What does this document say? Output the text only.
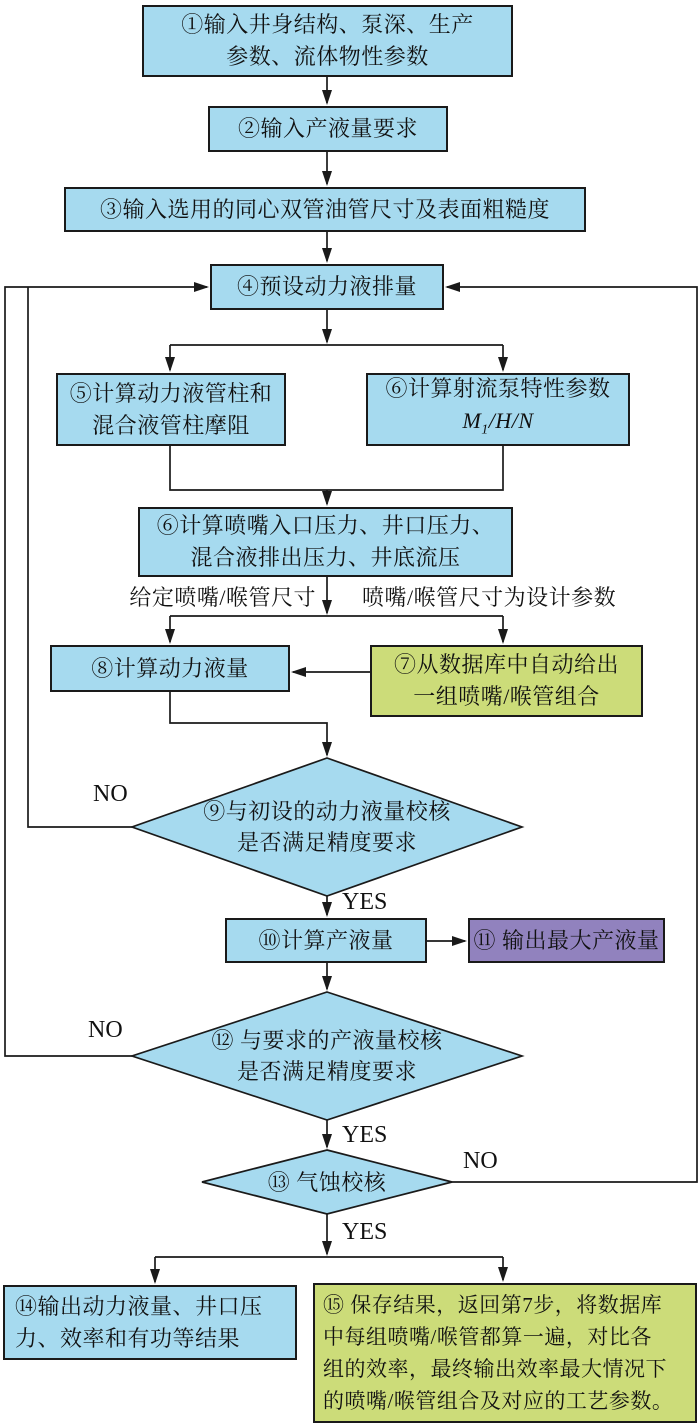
①输入井身结构、泵深、生产
参数、流体物性参数
②输入产液量要求
③输入选用的同心双管油管尺寸及表面粗糙度
④预设动力液排量
⑤计算动力液管柱和
混合液管柱摩阻
⑥计算射流泵特性参数
$M_1/H/N$
⑥计算喷嘴入口压力、井口压力、
混合液排出压力、井底流压
⑧计算动力液量	⑦从数据库中自动给出
一组喷嘴/喉管组合
⑨与初设的动力液量校核
是否满足精度要求
⑩计算产液量	⑪ 输出最大产液量
⑫ 与要求的产液量校核
是否满足精度要求
⑬ 气蚀校核
⑭输出动力液量、井口压
力、效率和有功等结果
⑮ 保存结果，返回第7步，将数据库
中每组喷嘴/喉管都算一遍，对比各
组的效率，最终输出效率最大情况下
的喷嘴/喉管组合及对应的工艺参数。
给定喷嘴/喉管尺寸 喷嘴/喉管尺寸为设计参数
NO
YES
NO
YES
NO
YES
